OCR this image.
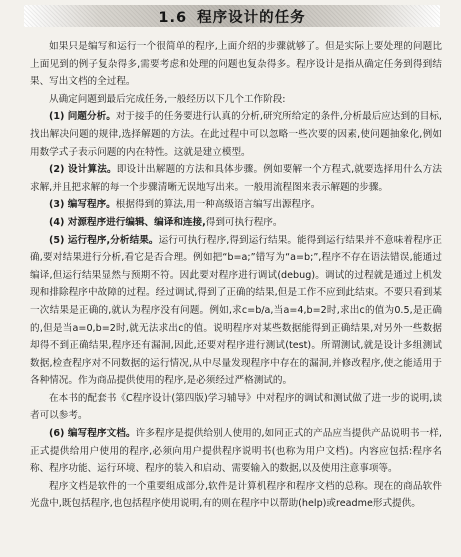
1.6 程序设计的任务

如果只是编写和运行一个很简单的程序,上面介绍的步骤就够了。但是实际上要处理的问题比上面见到的例子复杂得多,需要考虑和处理的问题也复杂得多。程序设计是指从确定任务到得到结果、写出文档的全过程。

从确定问题到最后完成任务,一般经历以下几个工作阶段:

(1) 问题分析。对于接手的任务要进行认真的分析,研究所给定的条件,分析最后应达到的目标,找出解决问题的规律,选择解题的方法。在此过程中可以忽略一些次要的因素,使问题抽象化,例如用数学式子表示问题的内在特性。这就是建立模型。

(2) 设计算法。即设计出解题的方法和具体步骤。例如要解一个方程式,就要选择用什么方法求解,并且把求解的每一个步骤清晰无误地写出来。一般用流程图来表示解题的步骤。

(3) 编写程序。根据得到的算法,用一种高级语言编写出源程序。

(4) 对源程序进行编辑、编译和连接,得到可执行程序。

(5) 运行程序,分析结果。运行可执行程序,得到运行结果。能得到运行结果并不意味着程序正确,要对结果进行分析,看它是否合理。例如把“b=a;”错写为“a=b;”,程序不存在语法错误,能通过编译,但运行结果显然与预期不符。因此要对程序进行调试(debug)。调试的过程就是通过上机发现和排除程序中故障的过程。经过调试,得到了正确的结果,但是工作不应到此结束。不要只看到某一次结果是正确的,就认为程序没有问题。例如,求c=b/a,当a=4,b=2时,求出c的值为0.5,是正确的,但是当a=0,b=2时,就无法求出c的值。说明程序对某些数据能得到正确结果,对另外一些数据却得不到正确结果,程序还有漏洞,因此,还要对程序进行测试(test)。所谓测试,就是设计多组测试数据,检查程序对不同数据的运行情况,从中尽量发现程序中存在的漏洞,并修改程序,使之能适用于各种情况。作为商品提供使用的程序,是必须经过严格测试的。

在本书的配套书《C程序设计(第四版)学习辅导》中对程序的调试和测试做了进一步的说明,读者可以参考。

(6) 编写程序文档。许多程序是提供给别人使用的,如同正式的产品应当提供产品说明书一样,正式提供给用户使用的程序,必须向用户提供程序说明书(也称为用户文档)。内容应包括:程序名称、程序功能、运行环境、程序的装入和启动、需要输入的数据,以及使用注意事项等。

程序文档是软件的一个重要组成部分,软件是计算机程序和程序文档的总称。现在的商品软件光盘中,既包括程序,也包括程序使用说明,有的则在程序中以帮助(help)或readme形式提供。
